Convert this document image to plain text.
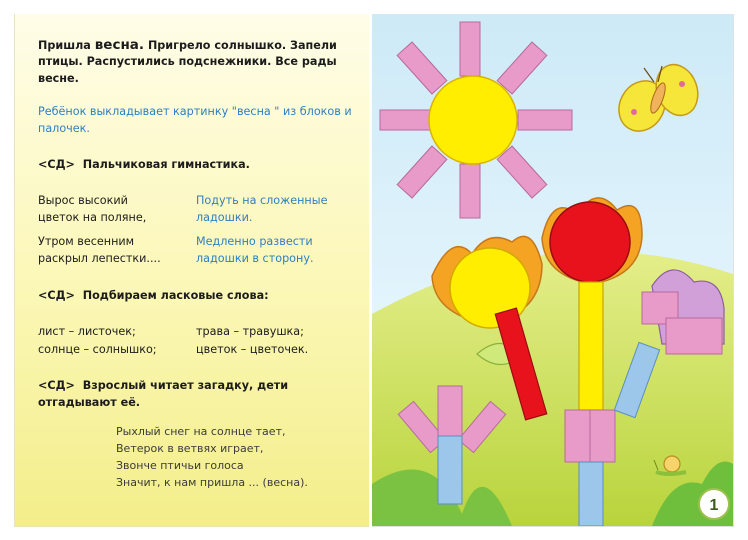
Пришла весна. Пригрело солнышко. Запели
птицы. Распустились подснежники. Все рады
весне.
Ребёнок выкладывает картинку "весна " из блоков и
палочек.
<СД> Пальчиковая гимнастика.
Вырос высокий
цветок на поляне,
Утром весенним
раскрыл лепестки....
Подуть на сложенные
ладошки.
Медленно развести
ладошки в сторону.
<СД> Подбираем ласковые слова:
лист – листочек;
солнце – солнышко;
трава – травушка;
цветок – цветочек.
<СД> Взрослый читает загадку, дети
отгадывают её.
Рыхлый снег на солнце тает,
Ветерок в ветвях играет,
Звонче птичьи голоса
Значит, к нам пришла ... (весна).
1
